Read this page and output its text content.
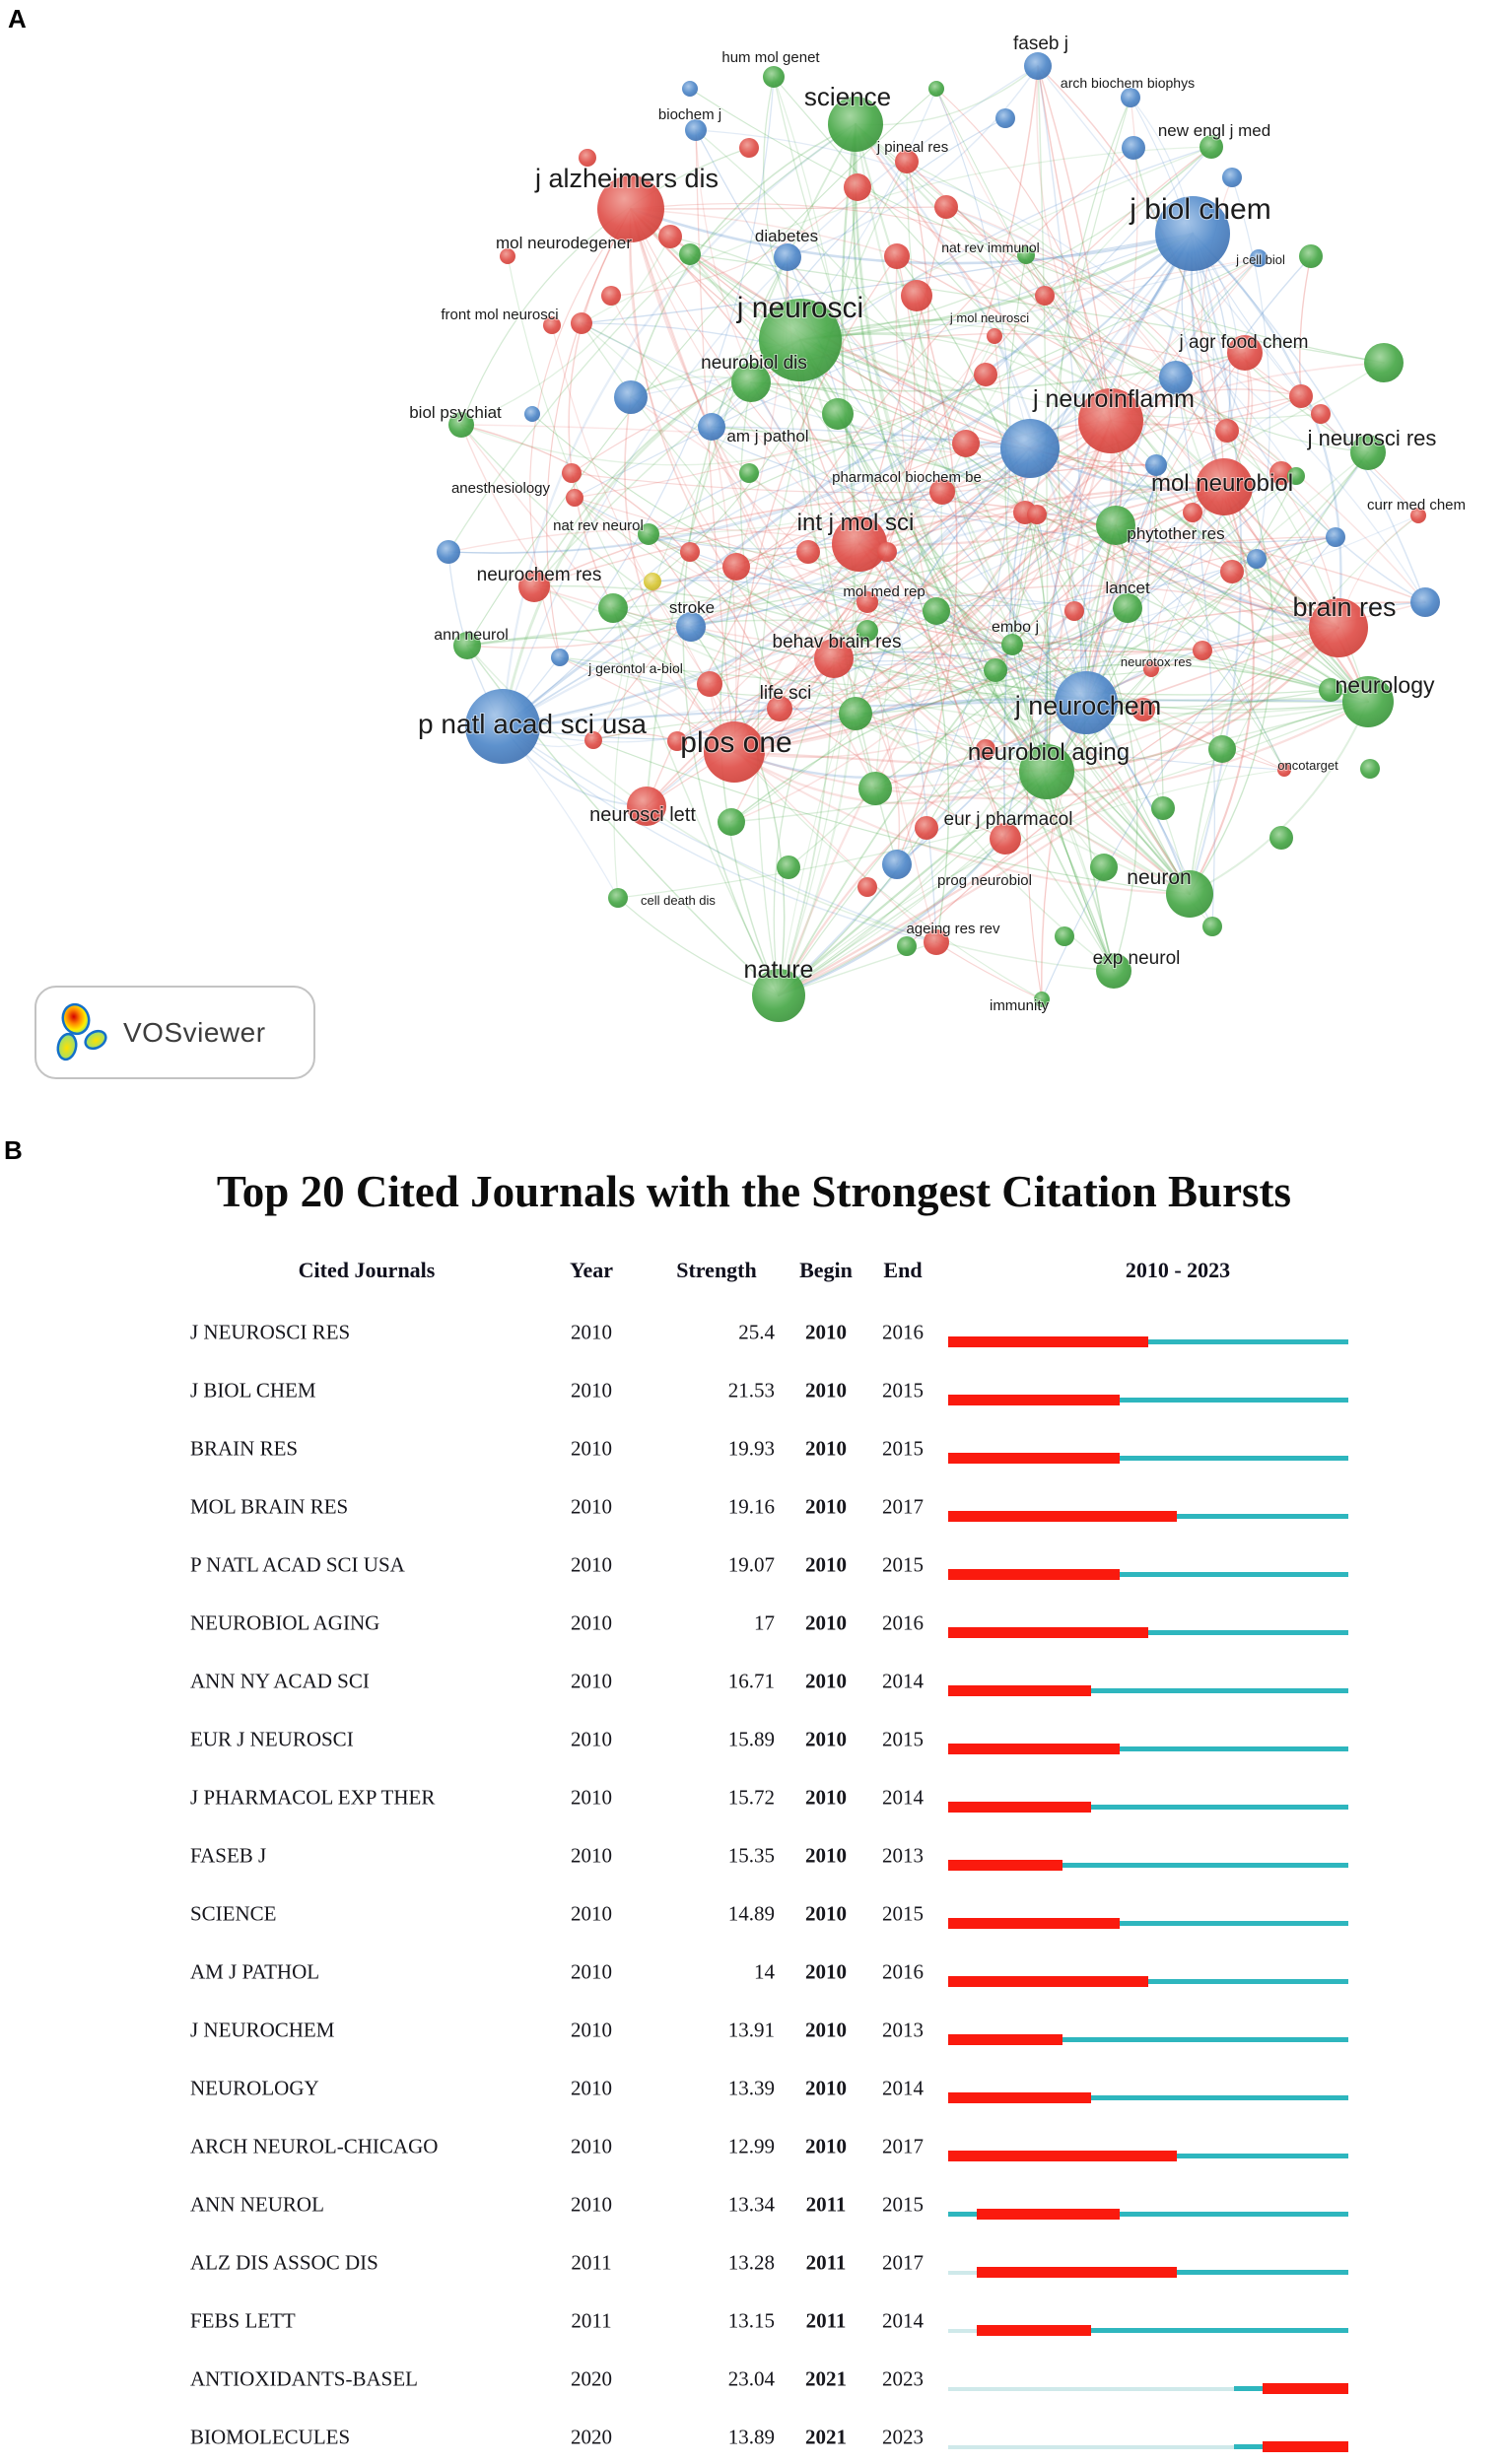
A
hum mol genet
faseb j
arch biochem biophys
biochem j
science
new engl j med
j pineal res
j alzheimers dis
j biol chem
mol neurodegener	diabetes
nat rev immunol
j cell biol
front mol neurosci	j neurosci	j mol neurosci
j agr food chem
neurobiol dis
biol psychiat	j neuroinflamm
am j pathol	j neurosci res
anesthesiology
pharmacol biochem be	mol neurobiol
curr med chem
nat rev neurol	int j mol sci	phytother res
lancet
neurochem res
mol med rep
stroke	brain res
behav brain res
ann neurol
j gerontol a-biol
embo j
neurotox res
life sci	neurology
j neurochem
p natl acad sci usa
plos one	neurobiol aging	oncotarget
neurosci lett	eur j pharmacol
cell death dis
prog neurobiol	neuron
ageing res rev
exp neurol
nature
immunity
VOSviewer
B
Top 20 Cited Journals with the Strongest Citation Bursts
Cited Journals	Year	Strength Begin End	2010 - 2023
J NEUROSCI RES	2010	25.4 2010 2016
J BIOL CHEM	2010	21.53 2010 2015
BRAIN RES	2010	19.93 2010 2015
MOL BRAIN RES	2010	19.16 2010 2017
P NATL ACAD SCI USA	2010	19.07 2010 2015
NEUROBIOL AGING	2010	17 2010 2016
ANN NY ACAD SCI	2010	16.71 2010 2014
EUR J NEUROSCI	2010	15.89 2010 2015
J PHARMACOL EXP THER	2010	15.72 2010 2014
FASEB J	2010	15.35 2010 2013
SCIENCE	2010	14.89 2010 2015
AM J PATHOL	2010	14 2010 2016
J NEUROCHEM	2010	13.91 2010 2013
NEUROLOGY	2010	13.39 2010 2014
ARCH NEUROL-CHICAGO	2010	12.99 2010 2017
ANN NEUROL	2010	13.34 2011 2015
ALZ DIS ASSOC DIS	2011	13.28 2011 2017
FEBS LETT	2011	13.15 2011 2014
ANTIOXIDANTS-BASEL	2020	23.04 2021 2023
BIOMOLECULES	2020	13.89 2021 2023
